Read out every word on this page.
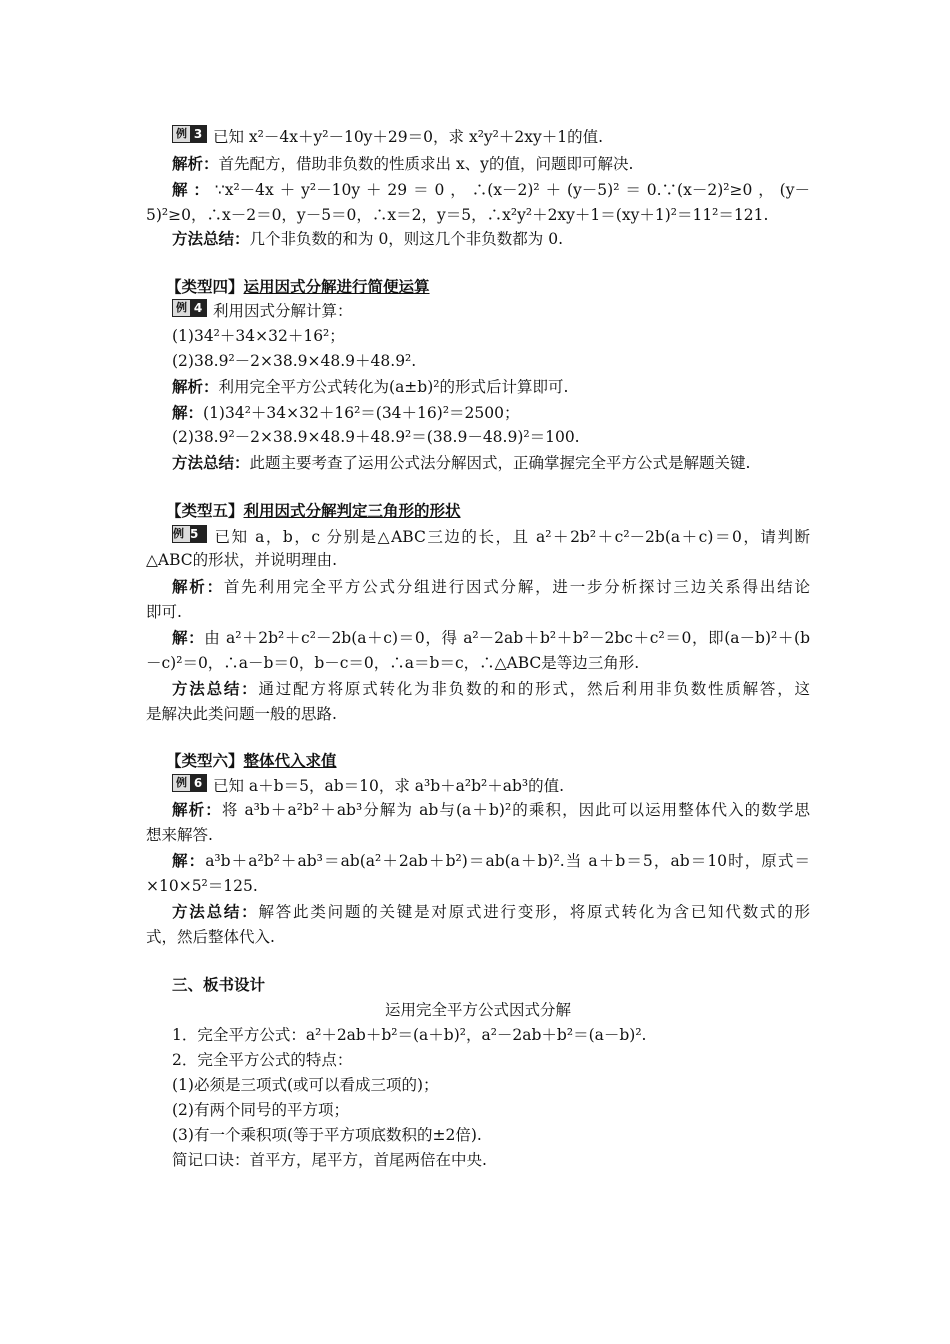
例 3 已知 x²－4x＋y²－10y＋29＝0，求 x²y²＋2xy＋1的值.
解析：首先配方，借助非负数的性质求出 x、y的值，问题即可解决.
解：∵x²－4x＋y²－10y＋29＝0，∴(x－2)²＋(y－5)²＝0.∵(x－2)²≥0，(y－
5)²≥0，∴x－2＝0，y－5＝0，∴x＝2，y＝5，∴x²y²＋2xy＋1＝(xy＋1)²＝11²＝121.
方法总结：几个非负数的和为 0，则这几个非负数都为 0.
【类型四】运用因式分解进行简便运算
例 4 利用因式分解计算：
(1)34²＋34×32＋16²；
(2)38.9²－2×38.9×48.9＋48.9².
解析：利用完全平方公式转化为(a±b)²的形式后计算即可.
解：(1)34²＋34×32＋16²＝(34＋16)²＝2500；
(2)38.9²－2×38.9×48.9＋48.9²＝(38.9－48.9)²＝100.
方法总结：此题主要考查了运用公式法分解因式，正确掌握完全平方公式是解题关键.
【类型五】利用因式分解判定三角形的形状
例 5 已知 a，b，c 分别是△ABC三边的长，且 a²＋2b²＋c²－2b(a＋c)＝0，请判断
△ABC的形状，并说明理由.
解析：首先利用完全平方公式分组进行因式分解，进一步分析探讨三边关系得出结论
即可.
解：由 a²＋2b²＋c²－2b(a＋c)＝0，得 a²－2ab＋b²＋b²－2bc＋c²＝0，即(a－b)²＋(b
－c)²＝0，∴a－b＝0，b－c＝0，∴a＝b＝c，∴△ABC是等边三角形.
方法总结：通过配方将原式转化为非负数的和的形式，然后利用非负数性质解答，这
是解决此类问题一般的思路.
【类型六】整体代入求值
例 6 已知 a＋b＝5，ab＝10，求 a³b＋a²b²＋ab³的值.
解析：将 a³b＋a²b²＋ab³分解为 ab与(a＋b)²的乘积，因此可以运用整体代入的数学思
想来解答.
解：a³b＋a²b²＋ab³＝ab(a²＋2ab＋b²)＝ab(a＋b)².当 a＋b＝5，ab＝10时，原式＝
×10×5²＝125.
方法总结：解答此类问题的关键是对原式进行变形，将原式转化为含已知代数式的形
式，然后整体代入.
三、板书设计
运用完全平方公式因式分解
1．完全平方公式：a²＋2ab＋b²＝(a＋b)²，a²－2ab＋b²＝(a－b)².
2．完全平方公式的特点：
(1)必须是三项式(或可以看成三项的)；
(2)有两个同号的平方项；
(3)有一个乘积项(等于平方项底数积的±2倍).
简记口诀：首平方，尾平方，首尾两倍在中央.
